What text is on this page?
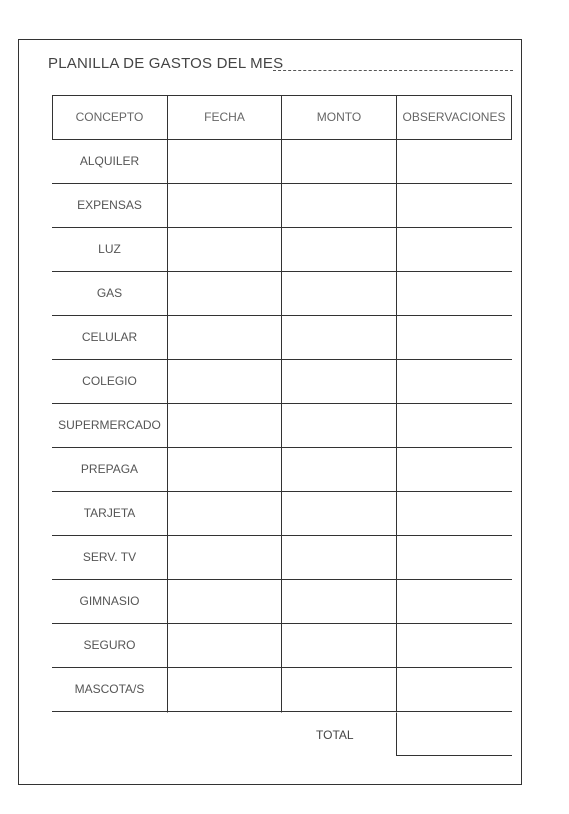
PLANILLA DE GASTOS DEL MES
CONCEPTO	FECHA	MONTO	OBSERVACIONES
ALQUILER
EXPENSAS
LUZ
GAS
CELULAR
COLEGIO
SUPERMERCADO
PREPAGA
TARJETA
SERV. TV
GIMNASIO
SEGURO
MASCOTA/S
TOTAL
